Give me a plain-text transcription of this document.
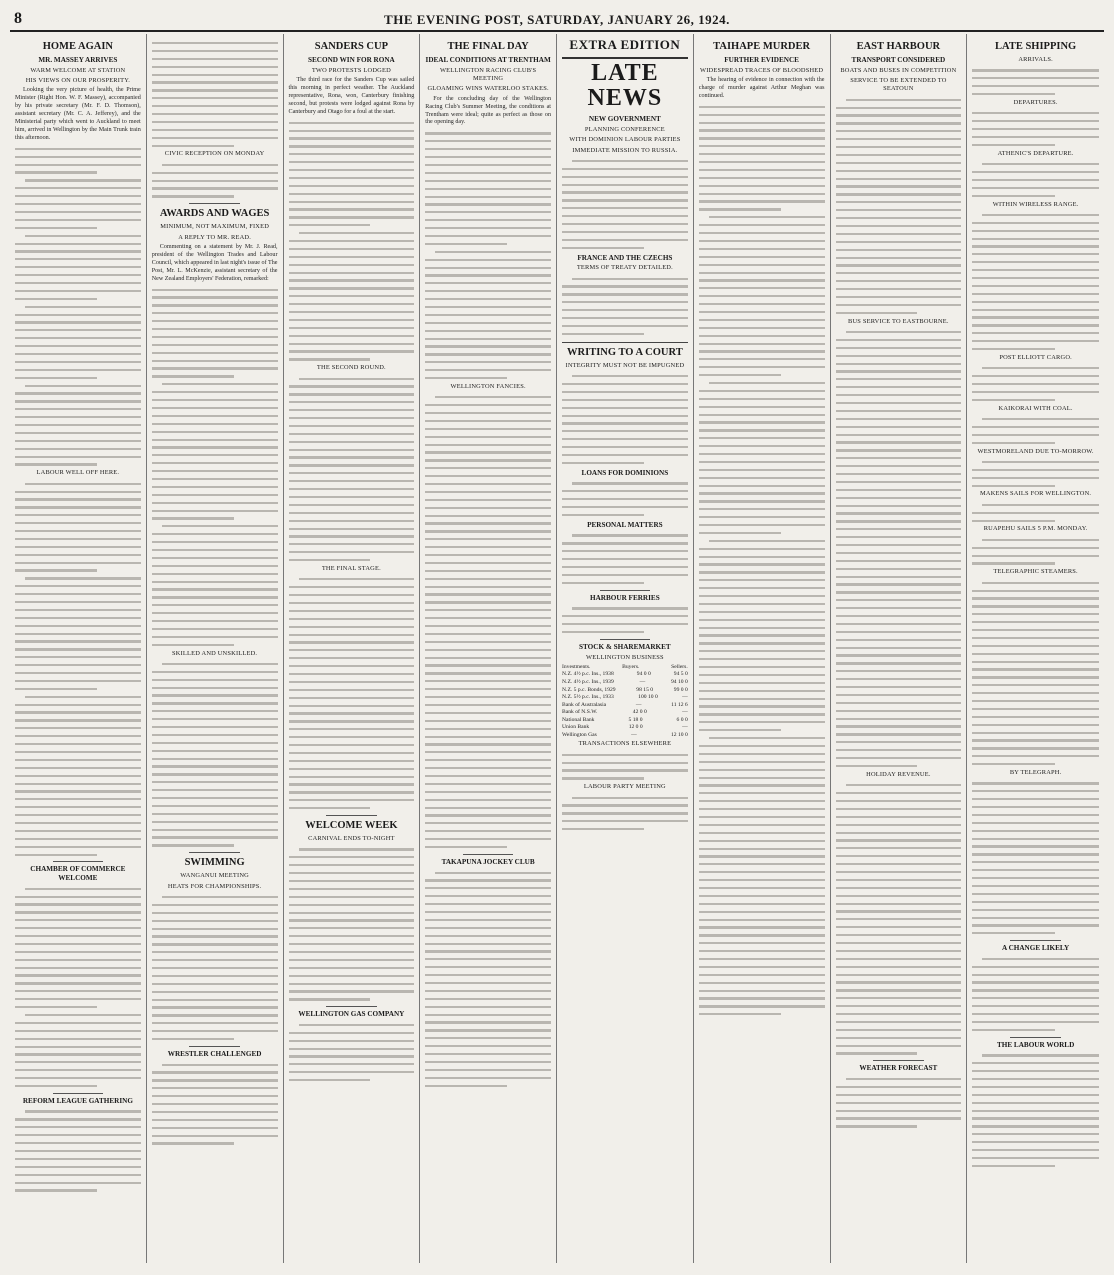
8	THE EVENING POST, SATURDAY, JANUARY 26, 1924.
HOME AGAIN
MR. MASSEY ARRIVES
WARM WELCOME AT STATION
HIS VIEWS ON OUR PROSPERITY.
Looking the very picture of health, the Prime Minister (Right Hon. W. F. Massey), accompanied by his private secretary (Mr. F. D. Thomson), assistant secretary (Mr. C. A. Jefferey), and the Ministerial party which went to Auckland to meet him, arrived in Wellington by the Main Trunk train this afternoon.
LABOUR WELL OFF HERE.
CHAMBER OF COMMERCE WELCOME
REFORM LEAGUE GATHERING
CIVIC RECEPTION ON MONDAY
AWARDS AND WAGES
MINIMUM, NOT MAXIMUM, FIXED
A REPLY TO MR. READ.
Commenting on a statement by Mr. J. Read, president of the Wellington Trades and Labour Council, which appeared in last night's issue of The Post, Mr. L. McKenzie, assistant secretary of the New Zealand Employers' Federation, remarked:
SKILLED AND UNSKILLED.
SWIMMING
WANGANUI MEETING
HEATS FOR CHAMPIONSHIPS.
WRESTLER CHALLENGED
SANDERS CUP
SECOND WIN FOR RONA
TWO PROTESTS LODGED
The third race for the Sanders Cup was sailed this morning in perfect weather. The Auckland representative, Rona, won, Canterbury finishing second, but protests were lodged against Rona by Canterbury and Otago for a foul at the start.
THE SECOND ROUND.
THE FINAL STAGE.
WELCOME WEEK
CARNIVAL ENDS TO-NIGHT
WELLINGTON GAS COMPANY
THE FINAL DAY
IDEAL CONDITIONS AT TRENTHAM
WELLINGTON RACING CLUB'S MEETING
GLOAMING WINS WATERLOO STAKES.
For the concluding day of the Wellington Racing Club's Summer Meeting, the conditions at Trentham were ideal; quite as perfect as those on the opening day.
WELLINGTON FANCIES.
TAKAPUNA JOCKEY CLUB
EXTRA EDITION
LATE NEWS
NEW GOVERNMENT
PLANNING CONFERENCE
WITH DOMINION LABOUR PARTIES
IMMEDIATE MISSION TO RUSSIA.
FRANCE AND THE CZECHS
TERMS OF TREATY DETAILED.
WRITING TO A COURT
INTEGRITY MUST NOT BE IMPUGNED
LOANS FOR DOMINIONS
PERSONAL MATTERS
HARBOUR FERRIES
STOCK & SHAREMARKET
WELLINGTON BUSINESS
Investments.	Buyers.	Sellers.
N.Z. 4½ p.c. Ins., 1938	94 0 0	94 5 0
N.Z. 4½ p.c. Ins., 1939	—	94 10 0
N.Z. 5 p.c. Bonds, 1929	98 15 0	99 0 0
N.Z. 5½ p.c. Ins., 1933	100 10 0	—
Bank of Australasia	—	11 12 6
Bank of N.S.W.	42 0 0	—
National Bank	5 18 0	6 0 0
Union Bank	12 0 0	—
Wellington Gas	—	12 10 0
TRANSACTIONS ELSEWHERE
LABOUR PARTY MEETING
TAIHAPE MURDER
FURTHER EVIDENCE
WIDESPREAD TRACES OF BLOODSHED
The hearing of evidence in connection with the charge of murder against Arthur Meghan was continued.
EAST HARBOUR
TRANSPORT CONSIDERED
BOATS AND BUSES IN COMPETITION
SERVICE TO BE EXTENDED TO SEATOUN
BUS SERVICE TO EASTBOURNE.
HOLIDAY REVENUE.
WEATHER FORECAST
LATE SHIPPING
ARRIVALS.
DEPARTURES.
ATHENIC'S DEPARTURE.
WITHIN WIRELESS RANGE.
POST ELLIOTT CARGO.
KAIKORAI WITH COAL.
WESTMORELAND DUE TO-MORROW.
MAKENS SAILS FOR WELLINGTON.
RUAPEHU SAILS 5 P.M. MONDAY.
TELEGRAPHIC STEAMERS.
BY TELEGRAPH.
A CHANGE LIKELY
THE LABOUR WORLD
